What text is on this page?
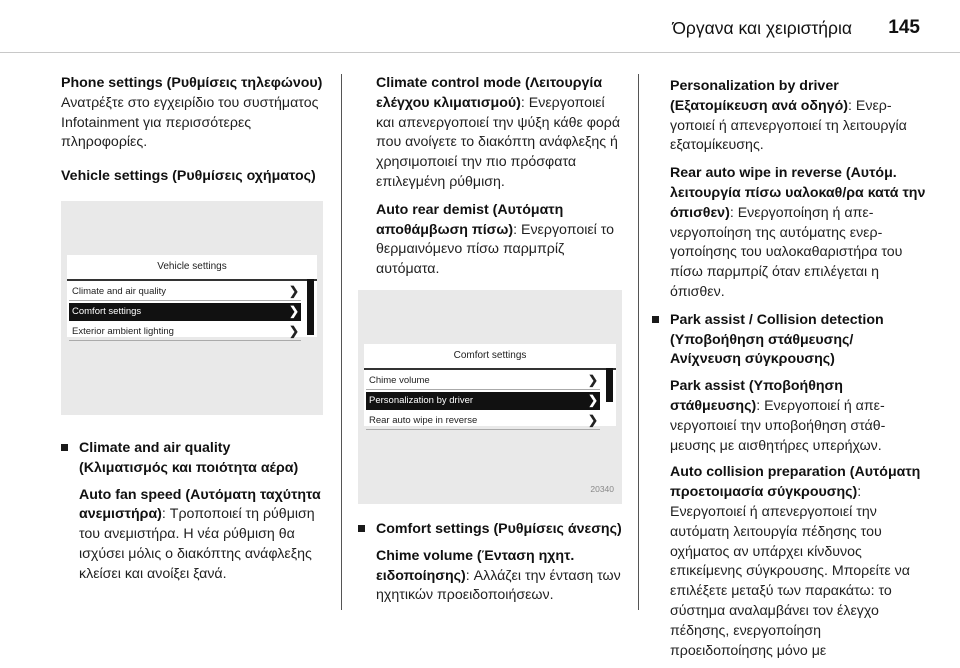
Όργανα και χειριστήρια 145

Phone settings (Ρυθμίσεις τηλεφώνου)
Ανατρέξτε στο εγχειρίδιο του συστήματος Infotainment για περισσότερες πληροφορίες.

Vehicle settings (Ρυθμίσεις οχήματος)

Vehicle settings
Climate and air quality	❯
Comfort settings	❯
Exterior ambient lighting	❯

Climate and air quality (Κλιματισμός και ποιότητα αέρα)

Auto fan speed (Αυτόματη ταχύτητα ανεμιστήρα): Τροποποιεί τη ρύθμιση του ανεμιστήρα. Η νέα ρύθμιση θα ισχύσει μόλις ο διακόπτης ανάφλεξης κλείσει και ανοίξει ξανά.

Climate control mode (Λειτουργία ελέγχου κλιματισμού): Ενεργοποιεί και απενεργοποιεί την ψύξη κάθε φορά που ανοίγετε το διακόπτη ανάφλεξης ή χρησιμοποιεί την πιο πρόσφατα επιλεγμένη ρύθμιση.

Auto rear demist (Αυτόματη αποθάμβωση πίσω): Ενεργοποιεί το θερμαινόμενο πίσω παρμπρίζ αυτόματα.

Comfort settings
Chime volume	❯
Personalization by driver	❯
Rear auto wipe in reverse	❯
20340

Comfort settings (Ρυθμίσεις άνεσης)

Chime volume (Ένταση ηχητ. ειδοποίησης): Αλλάζει την ένταση των ηχητικών προειδοποιήσεων.

Personalization by driver (Εξατομίκευση ανά οδηγό): Ενεργοποιεί ή απενεργοποιεί τη λειτουργία εξατομίκευσης.

Rear auto wipe in reverse (Αυτόμ. λειτουργία πίσω υαλοκαθ/ρα κατά την όπισθεν): Ενεργοποίηση ή απενεργοποίηση της αυτόματης ενεργοποίησης του υαλοκαθαριστήρα του πίσω παρμπρίζ όταν επιλέγεται η όπισθεν.

Park assist / Collision detection (Υποβοήθηση στάθμευσης/ Ανίχνευση σύγκρουσης)

Park assist (Υποβοήθηση στάθμευσης): Ενεργοποιεί ή απενεργοποιεί την υποβοήθηση στάθμευσης με αισθητήρες υπερήχων.

Auto collision preparation (Αυτόματη προετοιμασία σύγκρουσης): Ενεργοποιεί ή απενεργοποιεί την αυτόματη λειτουργία πέδησης του οχήματος αν υπάρχει κίνδυνος επικείμενης σύγκρουσης. Μπορείτε να επιλέξετε μεταξύ των παρακάτω: το σύστημα αναλαμβάνει τον έλεγχο πέδησης, ενεργοποίηση προειδοποίησης μόνο με
